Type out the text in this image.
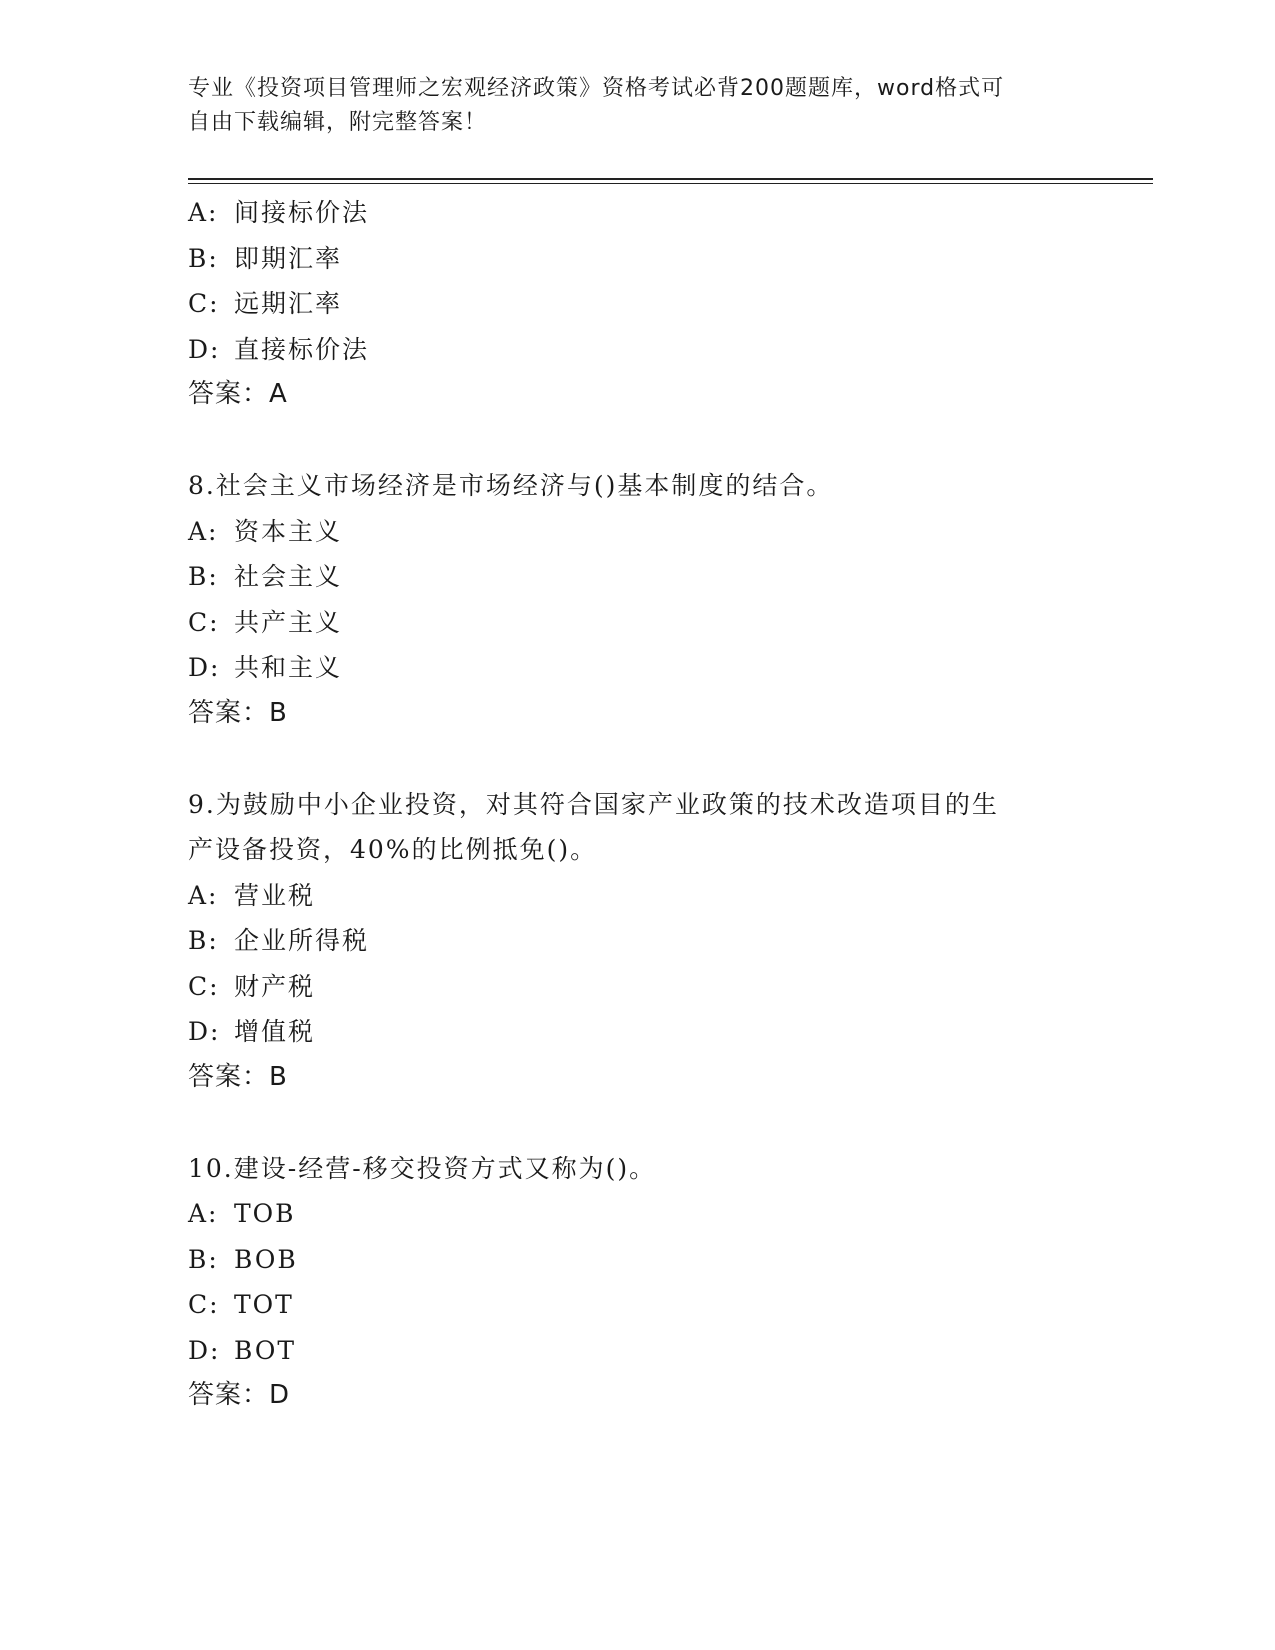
专业《投资项目管理师之宏观经济政策》资格考试必背200题题库，word格式可
自由下载编辑，附完整答案！
A: 间接标价法
B: 即期汇率
C: 远期汇率
D: 直接标价法
答案：A
8.社会主义市场经济是市场经济与()基本制度的结合。
A: 资本主义
B: 社会主义
C: 共产主义
D: 共和主义
答案：B
9.为鼓励中小企业投资，对其符合国家产业政策的技术改造项目的生
产设备投资，40%的比例抵免()。
A: 营业税
B: 企业所得税
C: 财产税
D: 增值税
答案：B
10.建设-经营-移交投资方式又称为()。
A: TOB
B: BOB
C: TOT
D: BOT
答案：D
